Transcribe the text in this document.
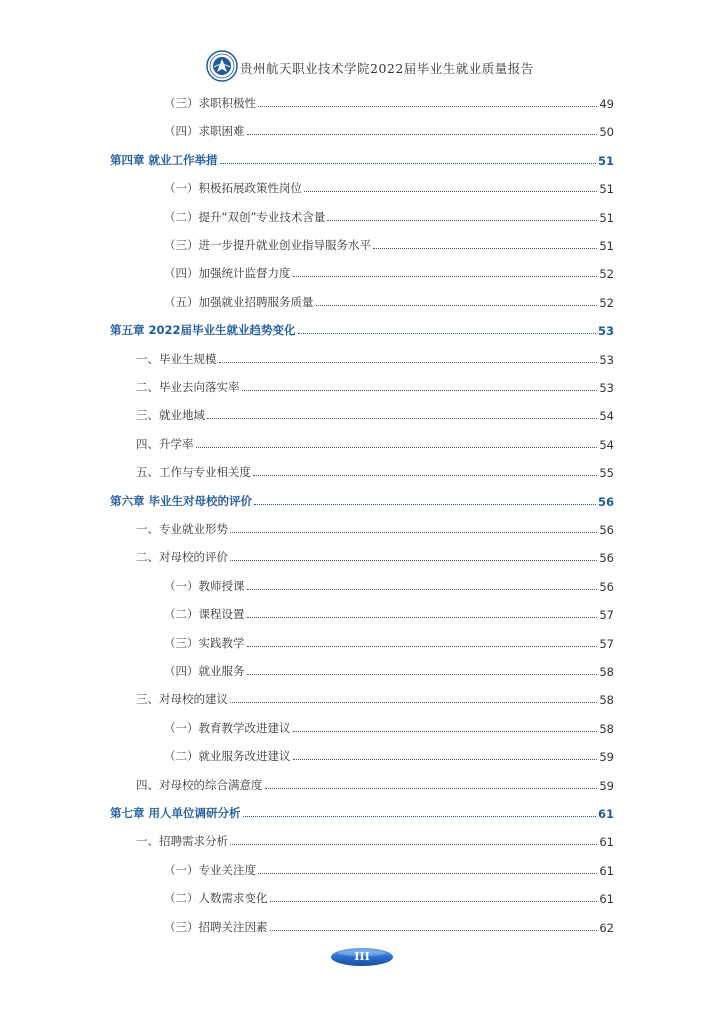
贵州航天职业技术学院2022届毕业生就业质量报告
（三）求职积极性	49
（四）求职困难	50
第四章 就业工作举措	51
（一）积极拓展政策性岗位	51
（二）提升“双创”专业技术含量	51
（三）进一步提升就业创业指导服务水平	51
（四）加强统计监督力度	52
（五）加强就业招聘服务质量	52
第五章 2022届毕业生就业趋势变化	53
一、毕业生规模	53
二、毕业去向落实率	53
三、就业地域	54
四、升学率	54
五、工作与专业相关度	55
第六章 毕业生对母校的评价	56
一、专业就业形势	56
二、对母校的评价	56
（一）教师授课	56
（二）课程设置	57
（三）实践教学	57
（四）就业服务	58
三、对母校的建议	58
（一）教育教学改进建议	58
（二）就业服务改进建议	59
四、对母校的综合满意度	59
第七章 用人单位调研分析	61
一、招聘需求分析	61
（一）专业关注度	61
（二）人数需求变化	61
（三）招聘关注因素	62
III
